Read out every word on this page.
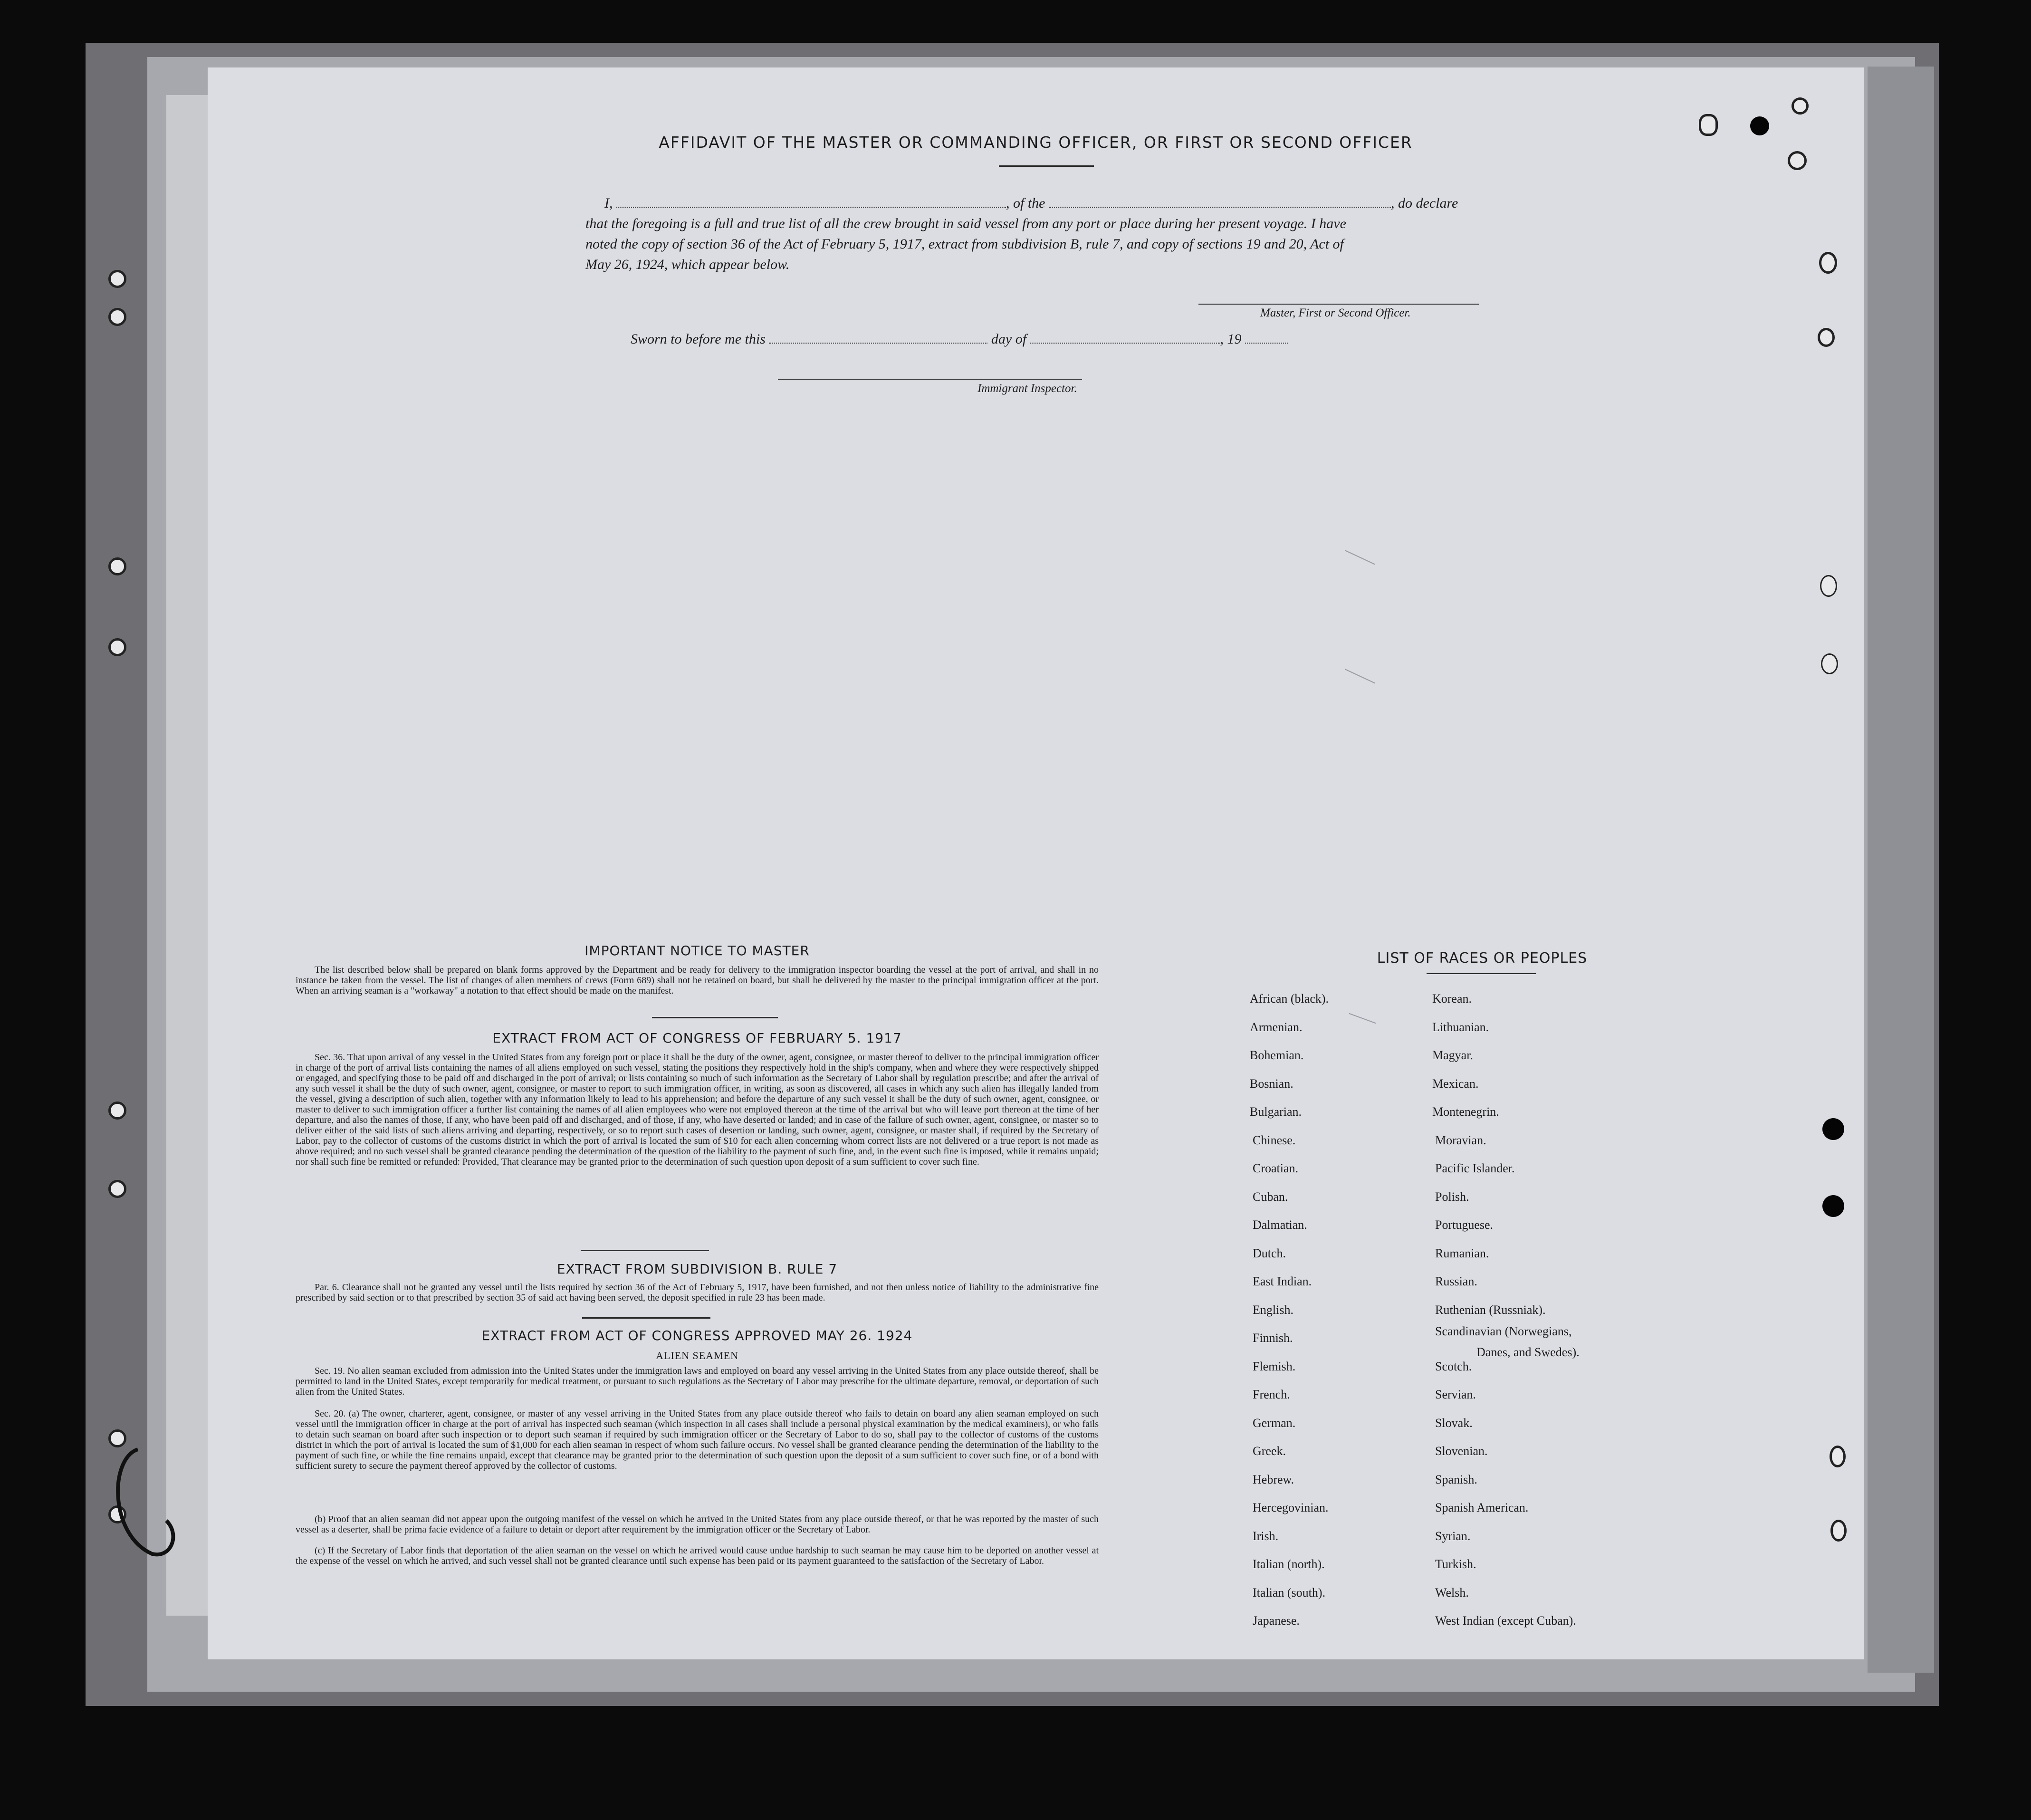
AFFIDAVIT OF THE MASTER OR COMMANDING OFFICER, OR FIRST OR SECOND OFFICER
I,	, of the	, do declare
that the foregoing is a full and true list of all the crew brought in said vessel from any port or place during her present voyage. I have
noted the copy of section 36 of the Act of February 5, 1917, extract from subdivision B, rule 7, and copy of sections 19 and 20, Act of
May 26, 1924, which appear below.
Master, First or Second Officer.
Sworn to before me this	day of	, 19
Immigrant Inspector.
IMPORTANT NOTICE TO MASTER
The list described below shall be prepared on blank forms approved by the Department and be ready for delivery to the immigration inspector boarding the vessel at the port of arrival, and shall in no instance be taken from the vessel. The list of changes of alien members of crews (Form 689) shall not be retained on board, but shall be delivered by the master to the principal immigration officer at the port. When an arriving seaman is a "workaway" a notation to that effect should be made on the manifest.
EXTRACT FROM ACT OF CONGRESS OF FEBRUARY 5. 1917
Sec. 36. That upon arrival of any vessel in the United States from any foreign port or place it shall be the duty of the owner, agent, consignee, or master thereof to deliver to the principal immigration officer in charge of the port of arrival lists containing the names of all aliens employed on such vessel, stating the positions they respectively hold in the ship's company, when and where they were respectively shipped or engaged, and specifying those to be paid off and discharged in the port of arrival; or lists containing so much of such information as the Secretary of Labor shall by regulation prescribe; and after the arrival of any such vessel it shall be the duty of such owner, agent, consignee, or master to report to such immigration officer, in writing, as soon as discovered, all cases in which any such alien has illegally landed from the vessel, giving a description of such alien, together with any information likely to lead to his apprehension; and before the departure of any such vessel it shall be the duty of such owner, agent, consignee, or master to deliver to such immigration officer a further list containing the names of all alien employees who were not employed thereon at the time of the arrival but who will leave port thereon at the time of her departure, and also the names of those, if any, who have been paid off and discharged, and of those, if any, who have deserted or landed; and in case of the failure of such owner, agent, consignee, or master so to deliver either of the said lists of such aliens arriving and departing, respectively, or so to report such cases of desertion or landing, such owner, agent, consignee, or master shall, if required by the Secretary of Labor, pay to the collector of customs of the customs district in which the port of arrival is located the sum of $10 for each alien concerning whom correct lists are not delivered or a true report is not made as above required; and no such vessel shall be granted clearance pending the determination of the question of the liability to the payment of such fine, and, in the event such fine is imposed, while it remains unpaid; nor shall such fine be remitted or refunded: Provided, That clearance may be granted prior to the determination of such question upon deposit of a sum sufficient to cover such fine.
EXTRACT FROM SUBDIVISION B. RULE 7
Par. 6. Clearance shall not be granted any vessel until the lists required by section 36 of the Act of February 5, 1917, have been furnished, and not then unless notice of liability to the administrative fine prescribed by said section or to that prescribed by section 35 of said act having been served, the deposit specified in rule 23 has been made.
EXTRACT FROM ACT OF CONGRESS APPROVED MAY 26. 1924
ALIEN SEAMEN
Sec. 19. No alien seaman excluded from admission into the United States under the immigration laws and employed on board any vessel arriving in the United States from any place outside thereof, shall be permitted to land in the United States, except temporarily for medical treatment, or pursuant to such regulations as the Secretary of Labor may prescribe for the ultimate departure, removal, or deportation of such alien from the United States.
Sec. 20. (a) The owner, charterer, agent, consignee, or master of any vessel arriving in the United States from any place outside thereof who fails to detain on board any alien seaman employed on such vessel until the immigration officer in charge at the port of arrival has inspected such seaman (which inspection in all cases shall include a personal physical examination by the medical examiners), or who fails to detain such seaman on board after such inspection or to deport such seaman if required by such immigration officer or the Secretary of Labor to do so, shall pay to the collector of customs of the customs district in which the port of arrival is located the sum of $1,000 for each alien seaman in respect of whom such failure occurs. No vessel shall be granted clearance pending the determination of the liability to the payment of such fine, or while the fine remains unpaid, except that clearance may be granted prior to the determination of such question upon the deposit of a sum sufficient to cover such fine, or of a bond with sufficient surety to secure the payment thereof approved by the collector of customs.
(b) Proof that an alien seaman did not appear upon the outgoing manifest of the vessel on which he arrived in the United States from any place outside thereof, or that he was reported by the master of such vessel as a deserter, shall be prima facie evidence of a failure to detain or deport after requirement by the immigration officer or the Secretary of Labor.
(c) If the Secretary of Labor finds that deportation of the alien seaman on the vessel on which he arrived would cause undue hardship to such seaman he may cause him to be deported on another vessel at the expense of the vessel on which he arrived, and such vessel shall not be granted clearance until such expense has been paid or its payment guaranteed to the satisfaction of the Secretary of Labor.
LIST OF RACES OR PEOPLES
African (black).
Armenian.
Bohemian.
Bosnian.
Bulgarian.
Chinese.
Croatian.
Cuban.
Dalmatian.
Dutch.
East Indian.
English.
Finnish.
Flemish.
French.
German.
Greek.
Hebrew.
Hercegovinian.
Irish.
Italian (north).
Italian (south).
Japanese.
Korean.
Lithuanian.
Magyar.
Mexican.
Montenegrin.
Moravian.
Pacific Islander.
Polish.
Portuguese.
Rumanian.
Russian.
Ruthenian (Russniak).
Scandinavian (Norwegians,
Danes, and Swedes).
Scotch.
Servian.
Slovak.
Slovenian.
Spanish.
Spanish American.
Syrian.
Turkish.
Welsh.
West Indian (except Cuban).
